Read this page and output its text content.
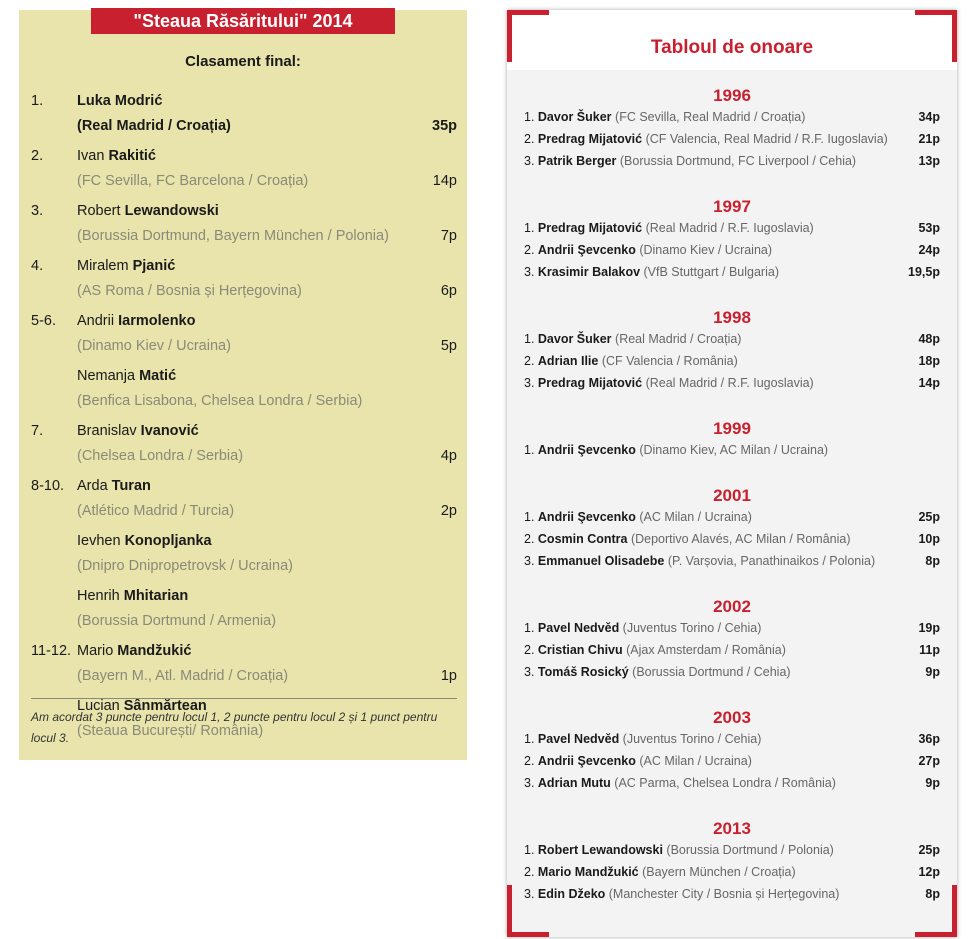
"Steaua Răsăritului" 2014
Clasament final:
1. Luka Modrić
(Real Madrid / Croația)	35p
2. Ivan Rakitić
(FC Sevilla, FC Barcelona / Croația)	14p
3. Robert Lewandowski
(Borussia Dortmund, Bayern München / Polonia)	7p
4. Miralem Pjanić
(AS Roma / Bosnia și Herțegovina)	6p
5-6. Andrii Iarmolenko
(Dinamo Kiev / Ucraina)	5p
Nemanja Matić
(Benfica Lisabona, Chelsea Londra / Serbia)
7. Branislav Ivanović
(Chelsea Londra / Serbia)	4p
8-10. Arda Turan
(Atlético Madrid / Turcia)	2p
Ievhen Konopljanka
(Dnipro Dnipropetrovsk / Ucraina)
Henrih Mhitarian
(Borussia Dortmund / Armenia)
11-12. Mario Mandžukić
(Bayern M., Atl. Madrid / Croația)	1p
Lucian Sânmărtean
(Steaua București/ România)
Am acordat 3 puncte pentru locul 1, 2 puncte pentru locul 2 și 1 punct pentru locul 3.
Tabloul de onoare
1996
1. Davor Šuker (FC Sevilla, Real Madrid / Croația)	34p
2. Predrag Mijatović (CF Valencia, Real Madrid / R.F. Iugoslavia) 21p
3. Patrik Berger (Borussia Dortmund, FC Liverpool / Cehia)	13p
1997
1. Predrag Mijatović (Real Madrid / R.F. Iugoslavia)	53p
2. Andrii Şevcenko (Dinamo Kiev / Ucraina)	24p
3. Krasimir Balakov (VfB Stuttgart / Bulgaria)	19,5p
1998
1. Davor Šuker (Real Madrid / Croația)	48p
2. Adrian Ilie (CF Valencia / România)	18p
3. Predrag Mijatović (Real Madrid / R.F. Iugoslavia)	14p
1999
1. Andrii Şevcenko (Dinamo Kiev, AC Milan / Ucraina)
2001
1. Andrii Şevcenko (AC Milan / Ucraina)	25p
2. Cosmin Contra (Deportivo Alavés, AC Milan / România)	10p
3. Emmanuel Olisadebe (P. Varșovia, Panathinaikos / Polonia)	8p
2002
1. Pavel Nedvěd (Juventus Torino / Cehia)	19p
2. Cristian Chivu (Ajax Amsterdam / România)	11p
3. Tomáš Rosický (Borussia Dortmund / Cehia)	9p
2003
1. Pavel Nedvěd (Juventus Torino / Cehia)	36p
2. Andrii Şevcenko (AC Milan / Ucraina)	27p
3. Adrian Mutu (AC Parma, Chelsea Londra / România)	9p
2013
1. Robert Lewandowski (Borussia Dortmund / Polonia)	25p
2. Mario Mandžukić (Bayern München / Croația)	12p
3. Edin Džeko (Manchester City / Bosnia și Herțegovina)	8p
